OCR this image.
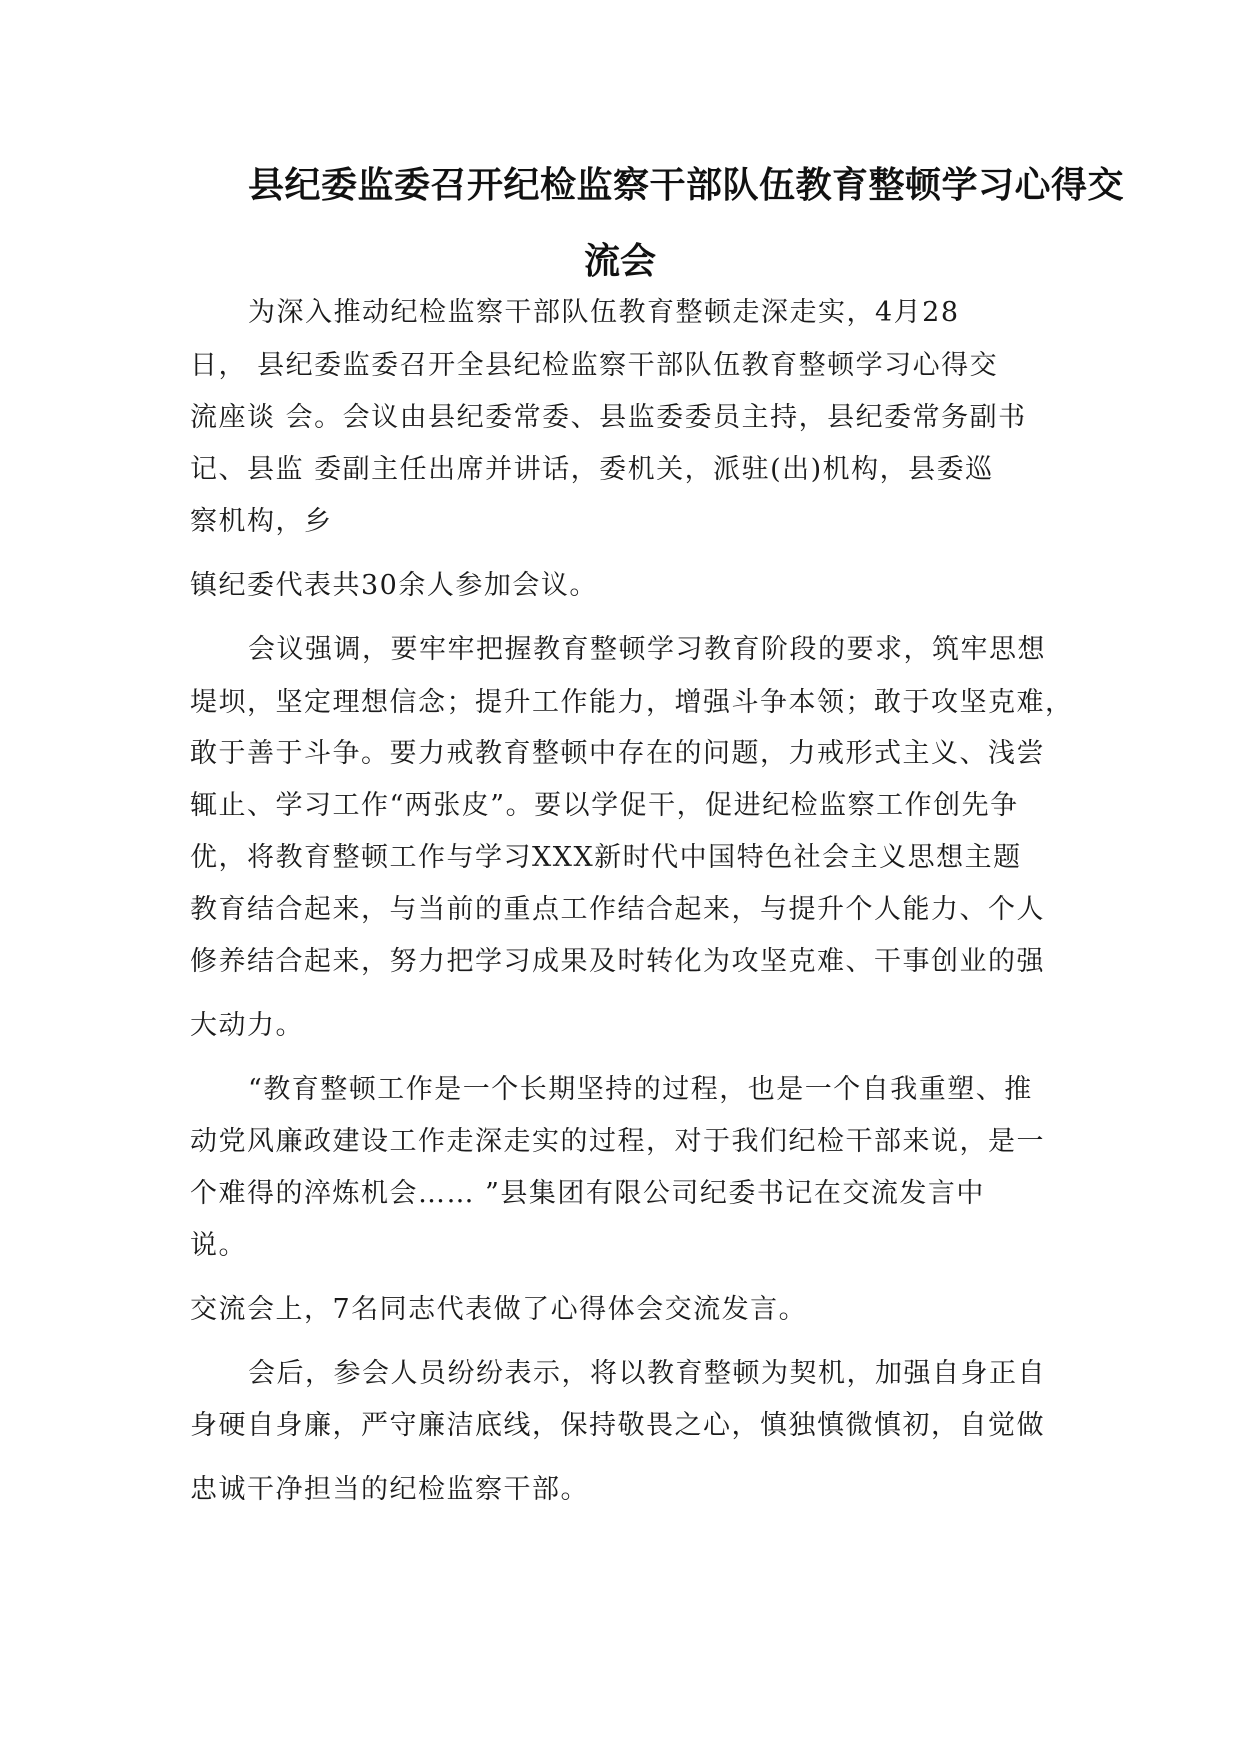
县纪委监委召开纪检监察干部队伍教育整顿学习心得交
流会
为深入推动纪检监察干部队伍教育整顿走深走实，4月28
日， 县纪委监委召开全县纪检监察干部队伍教育整顿学习心得交
流座谈 会。会议由县纪委常委、县监委委员主持，县纪委常务副书
记、县监 委副主任出席并讲话，委机关，派驻(出)机构，县委巡
察机构，乡
镇纪委代表共30余人参加会议。
会议强调，要牢牢把握教育整顿学习教育阶段的要求，筑牢思想
堤坝，坚定理想信念；提升工作能力，增强斗争本领；敢于攻坚克难，
敢于善于斗争。要力戒教育整顿中存在的问题，力戒形式主义、浅尝
辄止、学习工作“两张皮”。要以学促干，促进纪检监察工作创先争
优，将教育整顿工作与学习XXX新时代中国特色社会主义思想主题
教育结合起来，与当前的重点工作结合起来，与提升个人能力、个人
修养结合起来，努力把学习成果及时转化为攻坚克难、干事创业的强
大动力。
“教育整顿工作是一个长期坚持的过程，也是一个自我重塑、推
动党风廉政建设工作走深走实的过程，对于我们纪检干部来说，是一
个难得的淬炼机会…… ”县集团有限公司纪委书记在交流发言中
说。
交流会上，7名同志代表做了心得体会交流发言。
会后，参会人员纷纷表示，将以教育整顿为契机，加强自身正自
身硬自身廉，严守廉洁底线，保持敬畏之心，慎独慎微慎初，自觉做
忠诚干净担当的纪检监察干部。
